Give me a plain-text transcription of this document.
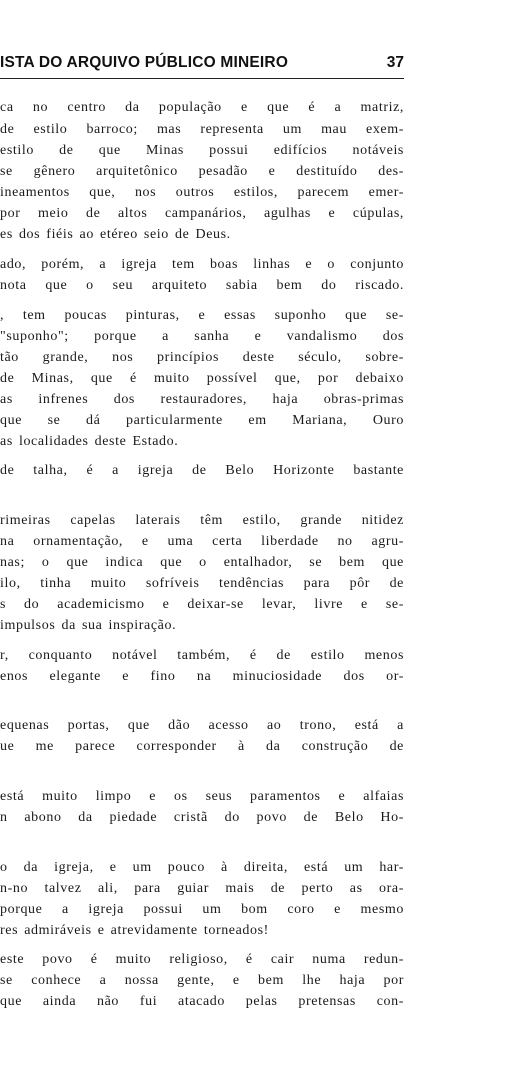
ISTA DO ARQUIVO PÚBLICO MINEIRO	37
ca no centro da população e que é a matriz,
de estilo barroco; mas representa um mau exem-
estilo de que Minas possui edifícios notáveis
se gênero arquitetônico pesadão e destituído des-
ineamentos que, nos outros estilos, parecem emer-
por meio de altos campanários, agulhas e cúpulas,
es dos fiéis ao etéreo seio de Deus.
ado, porém, a igreja tem boas linhas e o conjunto
nota que o seu arquiteto sabia bem do riscado.
, tem poucas pinturas, e essas suponho que se-
"suponho"; porque a sanha e vandalismo dos
tão grande, nos princípios deste século, sobre-
de Minas, que é muito possível que, por debaixo
as infrenes dos restauradores, haja obras-primas
que se dá particularmente em Mariana, Ouro
as localidades deste Estado.
de talha, é a igreja de Belo Horizonte bastante
rimeiras capelas laterais têm estilo, grande nitidez
na ornamentação, e uma certa liberdade no agru-
nas; o que indica que o entalhador, se bem que
ilo, tinha muito sofríveis tendências para pôr de
s do academicismo e deixar-se levar, livre e se-
impulsos da sua inspiração.
r, conquanto notável também, é de estilo menos
enos elegante e fino na minuciosidade dos or-
equenas portas, que dão acesso ao trono, está a
ue me parece corresponder à da construção de
está muito limpo e os seus paramentos e alfaias
n abono da piedade cristã do povo de Belo Ho-
o da igreja, e um pouco à direita, está um har-
n-no talvez ali, para guiar mais de perto as ora-
porque a igreja possui um bom coro e mesmo
res admiráveis e atrevidamente torneados!
este povo é muito religioso, é cair numa redun-
se conhece a nossa gente, e bem lhe haja por
que ainda não fui atacado pelas pretensas con-
